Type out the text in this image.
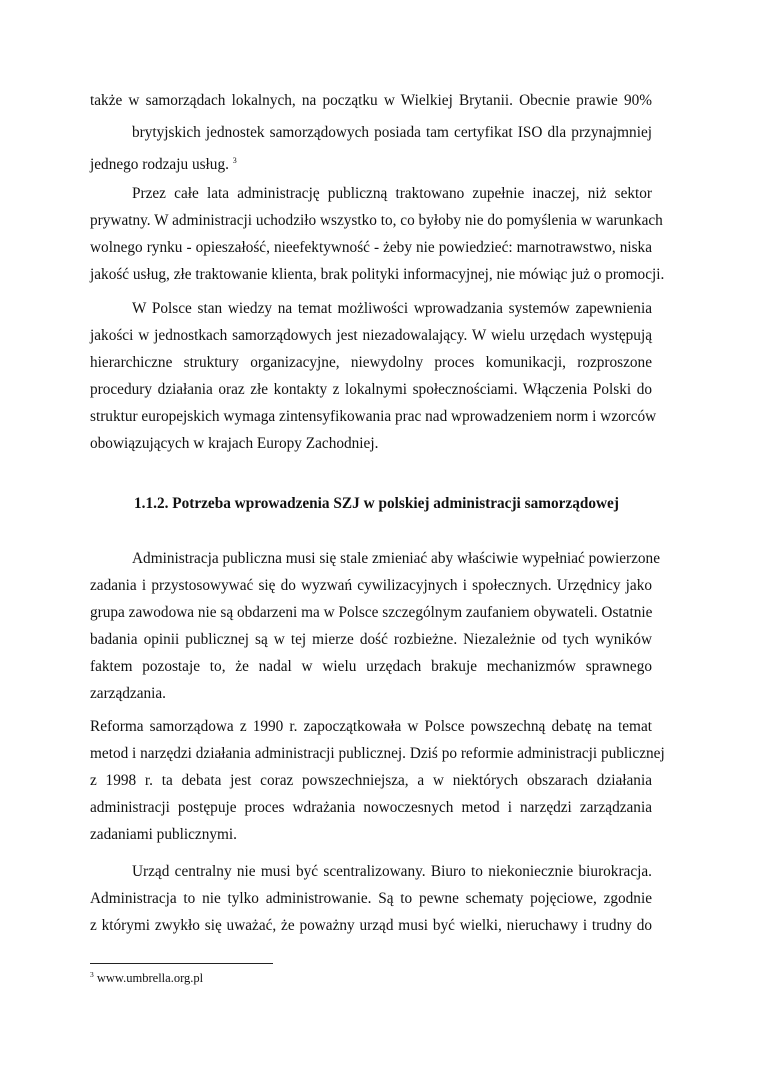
także w samorządach lokalnych, na początku w Wielkiej Brytanii. Obecnie prawie 90%
brytyjskich jednostek samorządowych posiada tam certyfikat ISO dla przynajmniej
jednego rodzaju usług. $^3$
Przez całe lata administrację publiczną traktowano zupełnie inaczej, niż sektor
prywatny. W administracji uchodziło wszystko to, co byłoby nie do pomyślenia w warunkach
wolnego rynku - opieszałość, nieefektywność - żeby nie powiedzieć: marnotrawstwo, niska
jakość usług, złe traktowanie klienta, brak polityki informacyjnej, nie mówiąc już o promocji.
W Polsce stan wiedzy na temat możliwości wprowadzania systemów zapewnienia
jakości w jednostkach samorządowych jest niezadowalający. W wielu urzędach występują
hierarchiczne struktury organizacyjne, niewydolny proces komunikacji, rozproszone
procedury działania oraz złe kontakty z lokalnymi społecznościami. Włączenia Polski do
struktur europejskich wymaga zintensyfikowania prac nad wprowadzeniem norm i wzorców
obowiązujących w krajach Europy Zachodniej.
1.1.2. Potrzeba wprowadzenia SZJ w polskiej administracji samorządowej
Administracja publiczna musi się stale zmieniać aby właściwie wypełniać powierzone
zadania i przystosowywać się do wyzwań cywilizacyjnych i społecznych. Urzędnicy jako
grupa zawodowa nie są obdarzeni ma w Polsce szczególnym zaufaniem obywateli. Ostatnie
badania opinii publicznej są w tej mierze dość rozbieżne. Niezależnie od tych wyników
faktem pozostaje to, że nadal w wielu urzędach brakuje mechanizmów sprawnego
zarządzania.
Reforma samorządowa z 1990 r. zapoczątkowała w Polsce powszechną debatę na temat
metod i narzędzi działania administracji publicznej. Dziś po reformie administracji publicznej
z 1998 r. ta debata jest coraz powszechniejsza, a w niektórych obszarach działania
administracji postępuje proces wdrażania nowoczesnych metod i narzędzi zarządzania
zadaniami publicznymi.
Urząd centralny nie musi być scentralizowany. Biuro to niekoniecznie biurokracja.
Administracja to nie tylko administrowanie. Są to pewne schematy pojęciowe, zgodnie
z którymi zwykło się uważać, że poważny urząd musi być wielki, nieruchawy i trudny do
$^3$ www.umbrella.org.pl
